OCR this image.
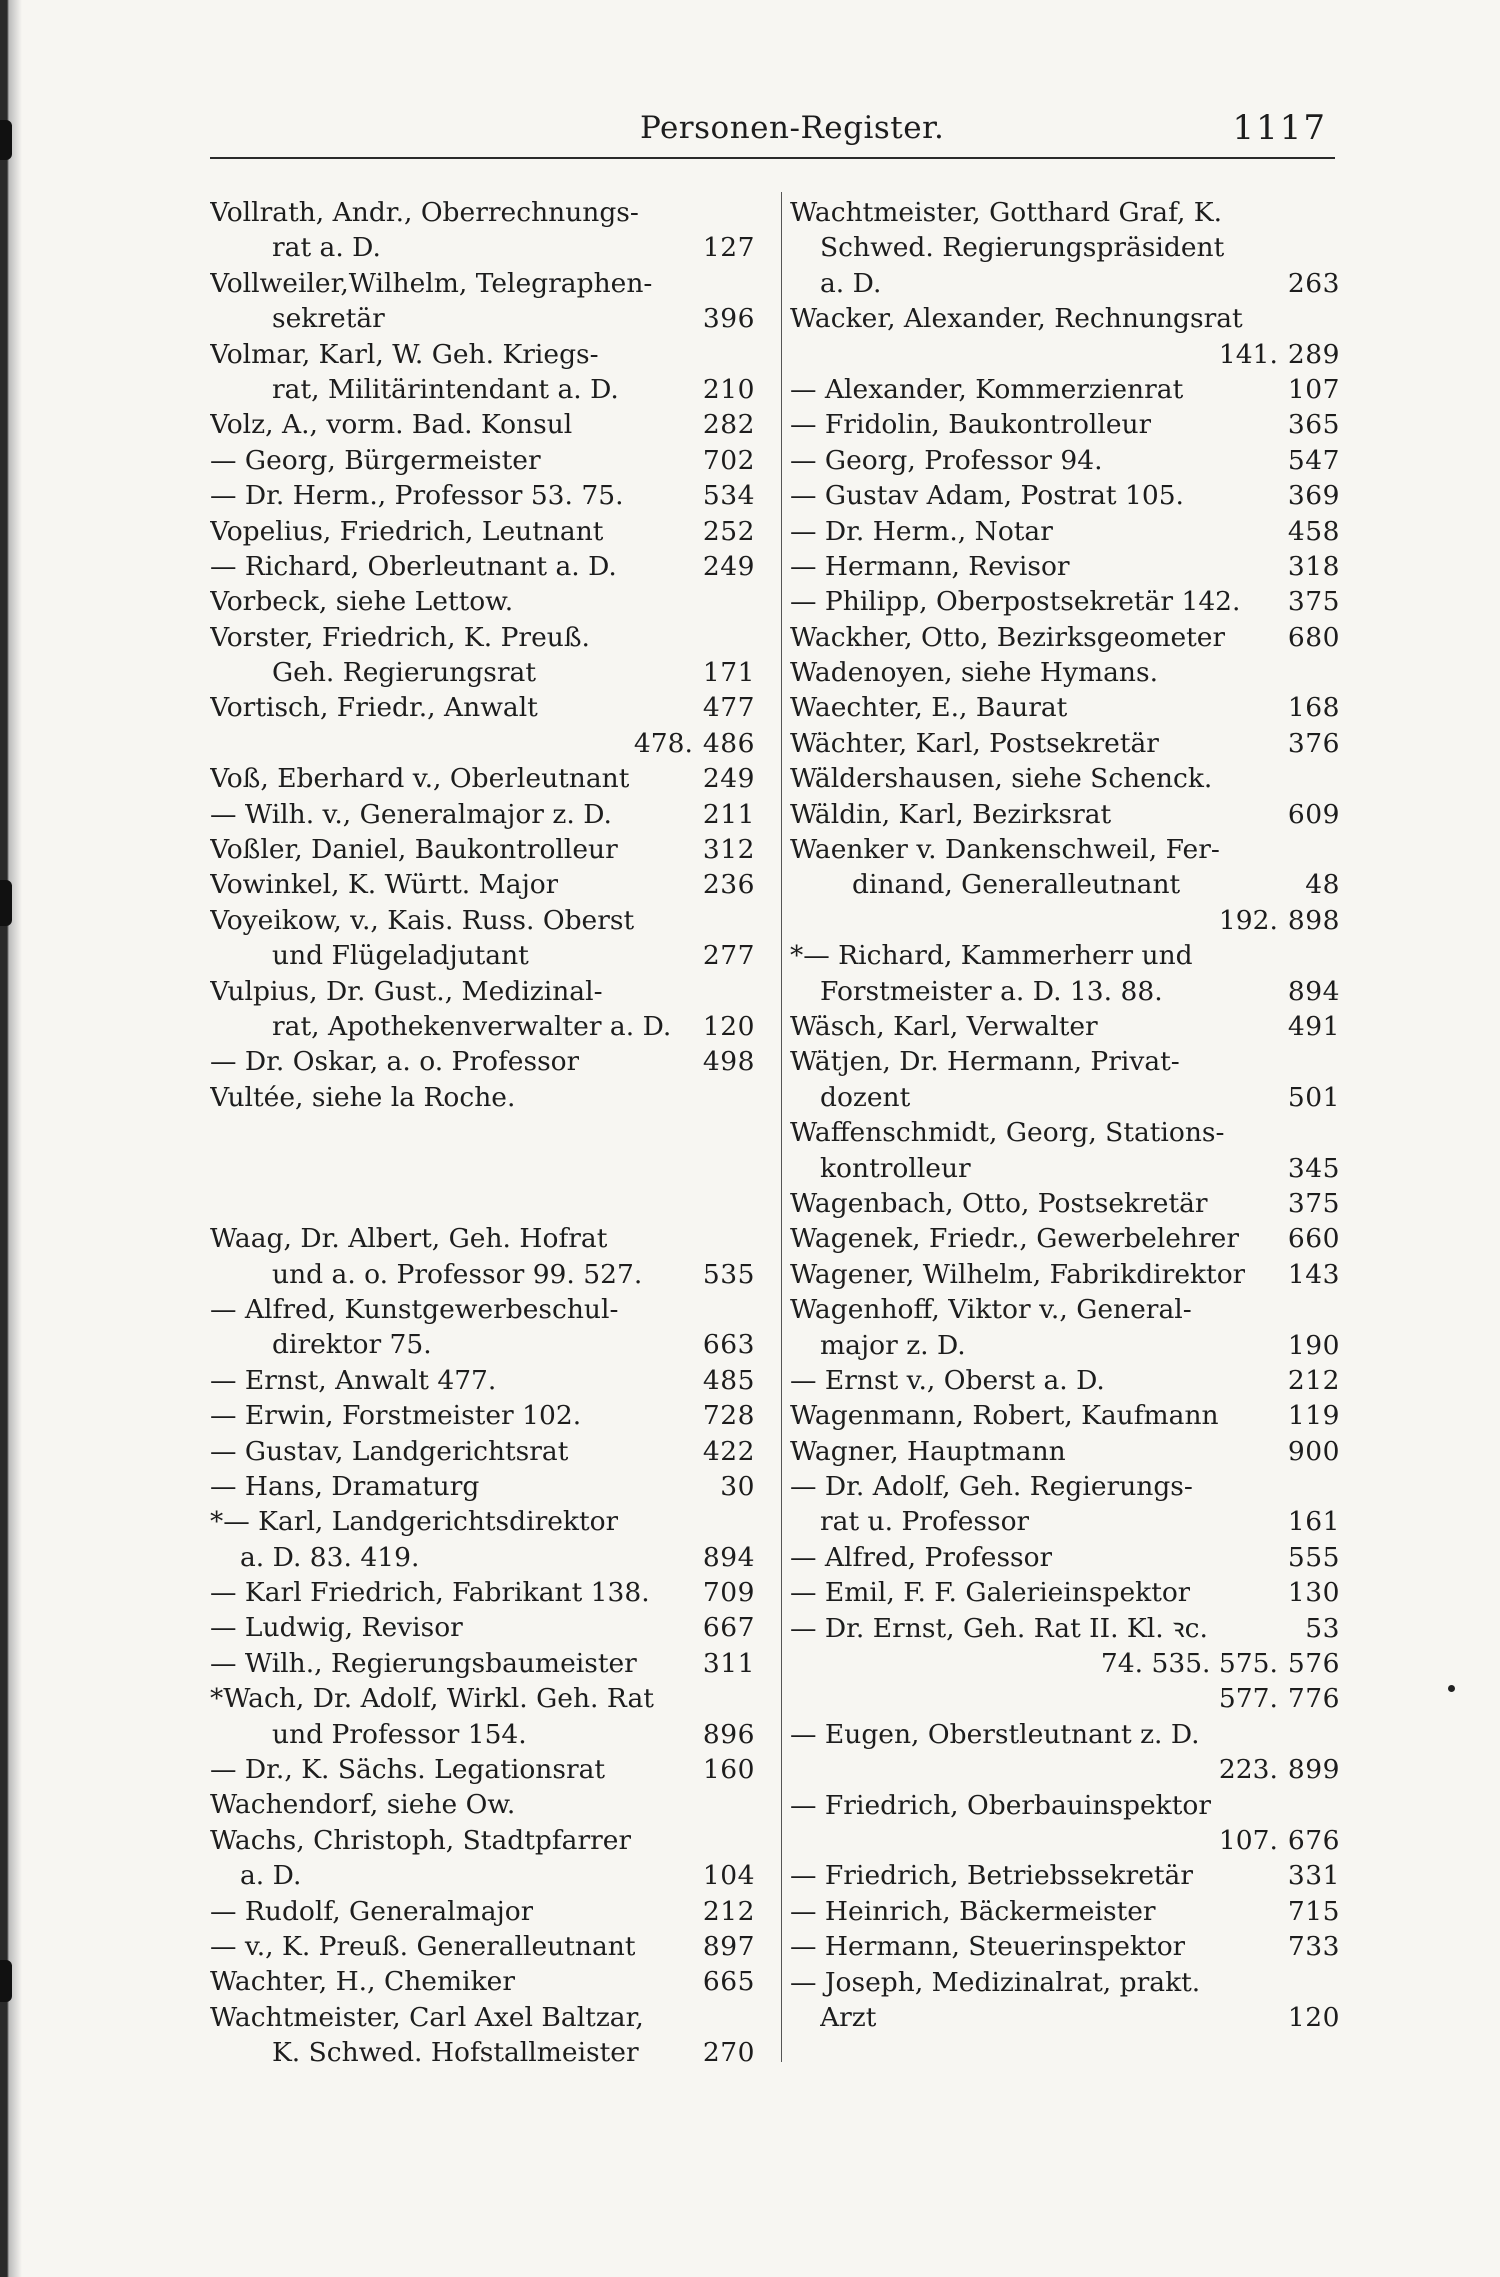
Personen-Register.	1117
Vollrath, Andr., Oberrechnungs-
rat a. D.	127
Vollweiler,Wilhelm, Telegraphen-
sekretär	396
Volmar, Karl, W. Geh. Kriegs-
rat, Militärintendant a. D.	210
Volz, A., vorm. Bad. Konsul	282
— Georg, Bürgermeister	702
— Dr. Herm., Professor 53. 75.	534
Vopelius, Friedrich, Leutnant	252
— Richard, Oberleutnant a. D.	249
Vorbeck, siehe Lettow.
Vorster, Friedrich, K. Preuß.
Geh. Regierungsrat	171
Vortisch, Friedr., Anwalt	477
478. 486
Voß, Eberhard v., Oberleutnant	249
— Wilh. v., Generalmajor z. D.	211
Voßler, Daniel, Baukontrolleur	312
Vowinkel, K. Württ. Major	236
Voyeikow, v., Kais. Russ. Oberst
und Flügeladjutant	277
Vulpius, Dr. Gust., Medizinal-
rat, Apothekenverwalter a. D.	120
— Dr. Oskar, a. o. Professor	498
Vultée, siehe la Roche.
Waag, Dr. Albert, Geh. Hofrat
und a. o. Professor 99. 527.	535
— Alfred, Kunstgewerbeschul-
direktor 75.	663
— Ernst, Anwalt 477.	485
— Erwin, Forstmeister 102.	728
— Gustav, Landgerichtsrat	422
— Hans, Dramaturg	30
*— Karl, Landgerichtsdirektor
a. D. 83. 419.	894
— Karl Friedrich, Fabrikant 138.	709
— Ludwig, Revisor	667
— Wilh., Regierungsbaumeister	311
*Wach, Dr. Adolf, Wirkl. Geh. Rat
und Professor 154.	896
— Dr., K. Sächs. Legationsrat	160
Wachendorf, siehe Ow.
Wachs, Christoph, Stadtpfarrer
a. D.	104
— Rudolf, Generalmajor	212
— v., K. Preuß. Generalleutnant	897
Wachter, H., Chemiker	665
Wachtmeister, Carl Axel Baltzar,
K. Schwed. Hofstallmeister	270
Wachtmeister, Gotthard Graf, K.
Schwed. Regierungspräsident
a. D.	263
Wacker, Alexander, Rechnungsrat
141. 289
— Alexander, Kommerzienrat	107
— Fridolin, Baukontrolleur	365
— Georg, Professor 94.	547
— Gustav Adam, Postrat 105.	369
— Dr. Herm., Notar	458
— Hermann, Revisor	318
— Philipp, Oberpostsekretär 142.	375
Wackher, Otto, Bezirksgeometer	680
Wadenoyen, siehe Hymans.
Waechter, E., Baurat	168
Wächter, Karl, Postsekretär	376
Wäldershausen, siehe Schenck.
Wäldin, Karl, Bezirksrat	609
Waenker v. Dankenschweil, Fer-
dinand, Generalleutnant	48
192. 898
*— Richard, Kammerherr und
Forstmeister a. D. 13. 88.	894
Wäsch, Karl, Verwalter	491
Wätjen, Dr. Hermann, Privat-
dozent	501
Waffenschmidt, Georg, Stations-
kontrolleur	345
Wagenbach, Otto, Postsekretär	375
Wagenek, Friedr., Gewerbelehrer	660
Wagener, Wilhelm, Fabrikdirektor	143
Wagenhoff, Viktor v., General-
major z. D.	190
— Ernst v., Oberst a. D.	212
Wagenmann, Robert, Kaufmann	119
Wagner, Hauptmann	900
— Dr. Adolf, Geh. Regierungs-
rat u. Professor	161
— Alfred, Professor	555
— Emil, F. F. Galerieinspektor	130
— Dr. Ernst, Geh. Rat II. Kl. ꝛc.	53
74. 535. 575. 576
577. 776
— Eugen, Oberstleutnant z. D.
223. 899
— Friedrich, Oberbauinspektor
107. 676
— Friedrich, Betriebssekretär	331
— Heinrich, Bäckermeister	715
— Hermann, Steuerinspektor	733
— Joseph, Medizinalrat, prakt.
Arzt	120
